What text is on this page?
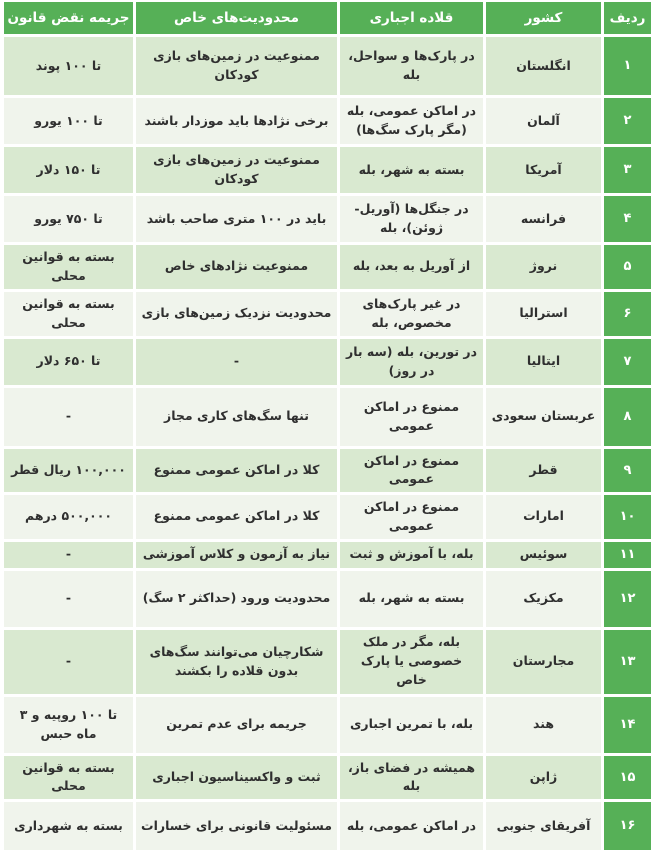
ردیف	کشور	قلاده اجباری	محدودیت‌های خاص	جریمه نقض قانون
۱	انگلستان	در پارک‌ها و سواحل، بله	ممنوعیت در زمین‌های بازی کودکان	تا ۱۰۰ پوند
۲	آلمان	در اماکن عمومی، بله (مگر پارک سگ‌ها)	برخی نژادها باید موزدار باشند	تا ۱۰۰ یورو
۳	آمریکا	بسته به شهر، بله	ممنوعیت در زمین‌های بازی کودکان	تا ۱۵۰ دلار
۴	فرانسه	در جنگل‌ها (آوریل-ژوئن)، بله	باید در ۱۰۰ متری صاحب باشد	تا ۷۵۰ یورو
۵	نروژ	از آوریل به بعد، بله	ممنوعیت نژادهای خاص	بسته به قوانین محلی
۶	استرالیا	در غیر پارک‌های مخصوص، بله	محدودیت نزدیک زمین‌های بازی	بسته به قوانین محلی
۷	ایتالیا	در تورین، بله (سه بار در روز)	-	تا ۶۵۰ دلار
۸	عربستان سعودی	ممنوع در اماکن عمومی	تنها سگ‌های کاری مجاز	-
۹	قطر	ممنوع در اماکن عمومی	کلا در اماکن عمومی ممنوع	۱۰۰,۰۰۰ ریال قطر
۱۰	امارات	ممنوع در اماکن عمومی	کلا در اماکن عمومی ممنوع	۵۰۰,۰۰۰ درهم
۱۱	سوئیس	بله، با آموزش و ثبت	نیاز به آزمون و کلاس آموزشی	-
۱۲	مکزیک	بسته به شهر، بله	محدودیت ورود (حداکثر ۲ سگ)	-
۱۳	مجارستان	بله، مگر در ملک خصوصی یا پارک خاص	شکارچیان می‌توانند سگ‌های بدون قلاده را بکشند	-
۱۴	هند	بله، با تمرین اجباری	جریمه برای عدم تمرین	تا ۱۰۰ روپیه و ۳ ماه حبس
۱۵	ژاپن	همیشه در فضای باز، بله	ثبت و واکسیناسیون اجباری	بسته به قوانین محلی
۱۶	آفریقای جنوبی	در اماکن عمومی، بله	مسئولیت قانونی برای خسارات	بسته به شهرداری
